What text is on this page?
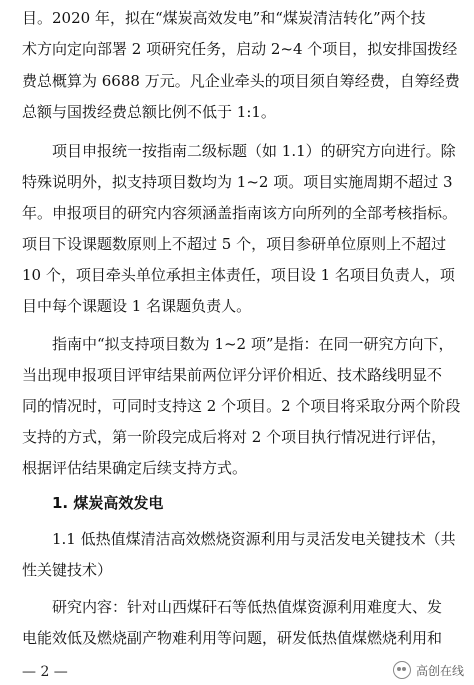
目。2020 年，拟在“煤炭高效发电”和“煤炭清洁转化”两个技
术方向定向部署 2 项研究任务，启动 2~4 个项目，拟安排国拨经
费总概算为 6688 万元。凡企业牵头的项目须自筹经费，自筹经费
总额与国拨经费总额比例不低于 1:1。
项目申报统一按指南二级标题（如 1.1）的研究方向进行。除
特殊说明外，拟支持项目数均为 1~2 项。项目实施周期不超过 3
年。申报项目的研究内容须涵盖指南该方向所列的全部考核指标。
项目下设课题数原则上不超过 5 个，项目参研单位原则上不超过
10 个，项目牵头单位承担主体责任，项目设 1 名项目负责人，项
目中每个课题设 1 名课题负责人。
指南中“拟支持项目数为 1~2 项”是指：在同一研究方向下，
当出现申报项目评审结果前两位评分评价相近、技术路线明显不
同的情况时，可同时支持这 2 个项目。2 个项目将采取分两个阶段
支持的方式，第一阶段完成后将对 2 个项目执行情况进行评估，
根据评估结果确定后续支持方式。
1. 煤炭高效发电
1.1 低热值煤清洁高效燃烧资源利用与灵活发电关键技术（共
性关键技术）
研究内容：针对山西煤矸石等低热值煤资源利用难度大、发
电能效低及燃烧副产物难利用等问题，研发低热值煤燃烧利用和
— 2 —	高创在线
